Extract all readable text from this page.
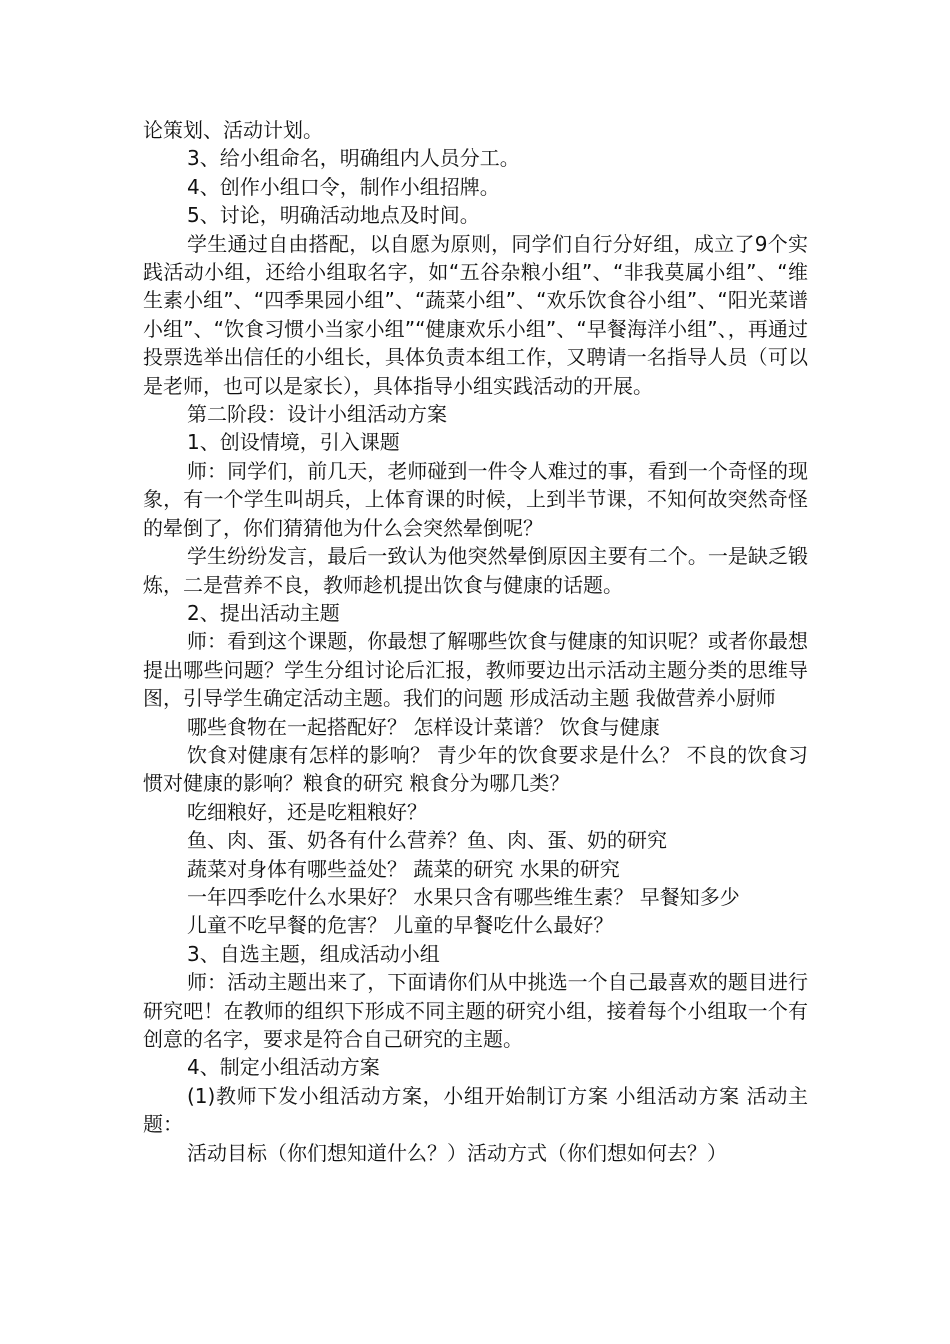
论策划、活动计划。

3、给小组命名，明确组内人员分工。

4、创作小组口令，制作小组招牌。

5、讨论，明确活动地点及时间。

学生通过自由搭配，以自愿为原则，同学们自行分好组，成立了9个实践活动小组，还给小组取名字，如“五谷杂粮小组”、“非我莫属小组”、“维生素小组”、“四季果园小组”、“蔬菜小组”、“欢乐饮食谷小组”、“阳光菜谱小组”、“饮食习惯小当家小组”“健康欢乐小组”、“早餐海洋小组”、，再通过投票选举出信任的小组长，具体负责本组工作，又聘请一名指导人员（可以是老师，也可以是家长），具体指导小组实践活动的开展。

第二阶段：设计小组活动方案

1、创设情境，引入课题

师：同学们，前几天，老师碰到一件令人难过的事，看到一个奇怪的现象，有一个学生叫胡兵，上体育课的时候，上到半节课，不知何故突然奇怪的晕倒了，你们猜猜他为什么会突然晕倒呢？

学生纷纷发言，最后一致认为他突然晕倒原因主要有二个。一是缺乏锻炼，二是营养不良，教师趁机提出饮食与健康的话题。

2、提出活动主题

师：看到这个课题，你最想了解哪些饮食与健康的知识呢？或者你最想提出哪些问题？学生分组讨论后汇报，教师要边出示活动主题分类的思维导图，引导学生确定活动主题。我们的问题 形成活动主题 我做营养小厨师

哪些食物在一起搭配好？ 怎样设计菜谱？ 饮食与健康

饮食对健康有怎样的影响？ 青少年的饮食要求是什么？ 不良的饮食习惯对健康的影响？粮食的研究 粮食分为哪几类？

吃细粮好，还是吃粗粮好？

鱼、肉、蛋、奶各有什么营养？鱼、肉、蛋、奶的研究

蔬菜对身体有哪些益处？ 蔬菜的研究 水果的研究

一年四季吃什么水果好？ 水果只含有哪些维生素？ 早餐知多少

儿童不吃早餐的危害？ 儿童的早餐吃什么最好？

3、自选主题，组成活动小组

师：活动主题出来了，下面请你们从中挑选一个自己最喜欢的题目进行研究吧！在教师的组织下形成不同主题的研究小组，接着每个小组取一个有创意的名字，要求是符合自己研究的主题。

4、制定小组活动方案

(1)教师下发小组活动方案，小组开始制订方案 小组活动方案 活动主题：

活动目标（你们想知道什么？）活动方式（你们想如何去？）
